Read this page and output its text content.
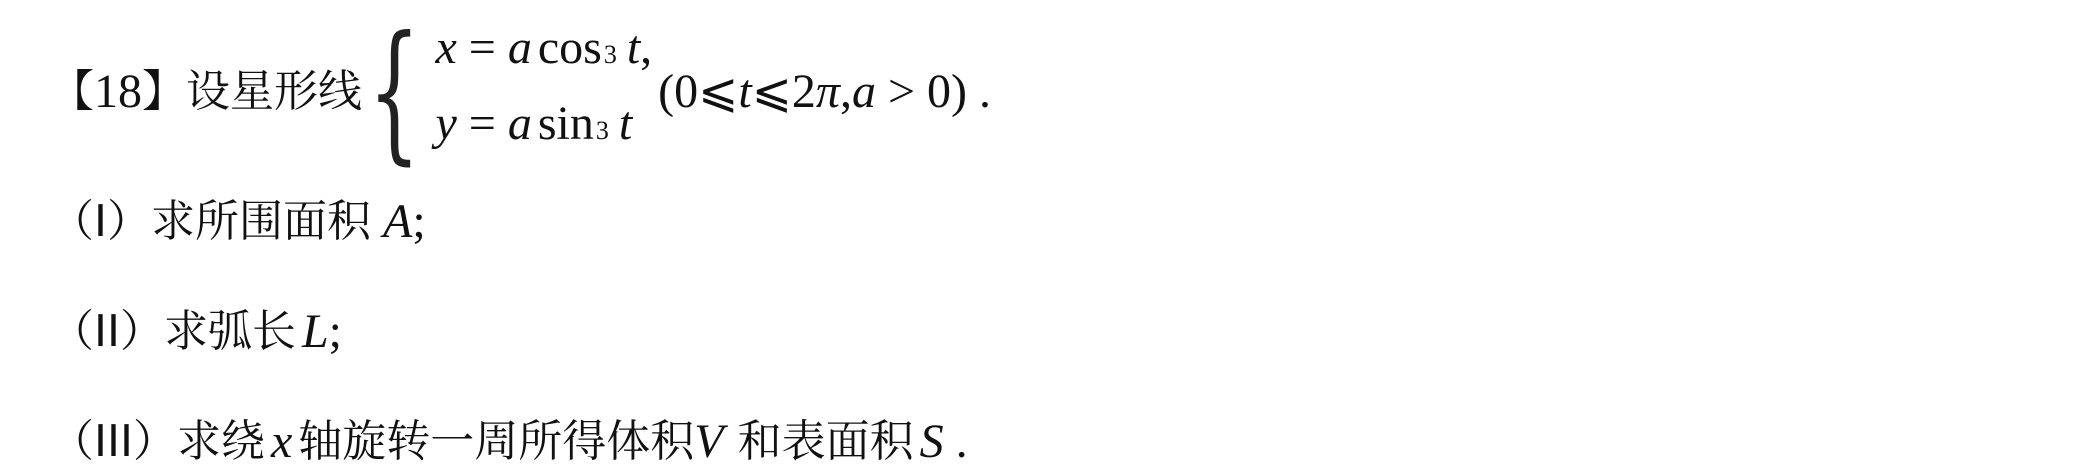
【 18 】 设星形线 { x = a cos 3 t ,
y = a sin 3 t
(0⩽t⩽2π,a > 0) .
（I） 求所围面积 A ;
（II） 求弧长 L ;
（III） 求绕 x 轴旋转一周所得体积 V 和表面积 S .
